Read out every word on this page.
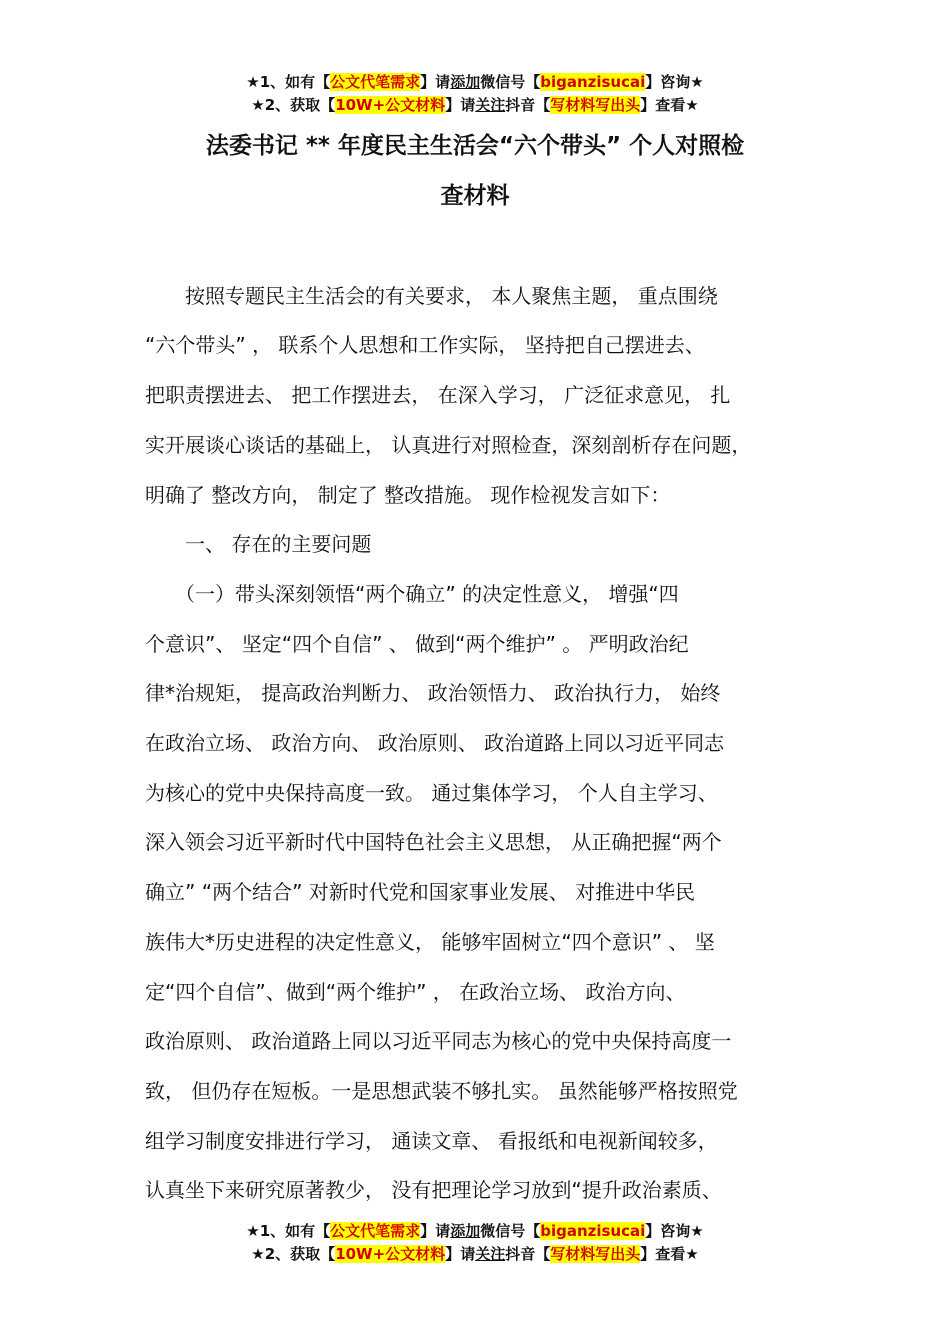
★1、如有【公文代笔需求】请添加微信号【biganzisucai】咨询★
★2、获取【10W+公文材料】请关注抖音【写材料写出头】查看★
法委书记 ** 年度民主生活会“六个带头” 个人对照检
查材料
　　按照专题民主生活会的有关要求， 本人聚焦主题， 重点围绕
“六个带头” ， 联系个人思想和工作实际， 坚持把自己摆进去、
把职责摆进去、 把工作摆进去， 在深入学习， 广泛征求意见， 扎
实开展谈心谈话的基础上， 认真进行对照检查，深刻剖析存在问题，
明确了 整改方向， 制定了 整改措施。 现作检视发言如下：
　　一、 存在的主要问题
　　（一）带头深刻领悟“两个确立” 的决定性意义， 增强“四
个意识”、 坚定“四个自信” 、 做到“两个维护” 。 严明政治纪
律*治规矩， 提高政治判断力、 政治领悟力、 政治执行力， 始终
在政治立场、 政治方向、 政治原则、 政治道路上同以习近平同志
为核心的党中央保持高度一致。 通过集体学习， 个人自主学习、
深入领会习近平新时代中国特色社会主义思想， 从正确把握“两个
确立” “两个结合” 对新时代党和国家事业发展、 对推进中华民
族伟大*历史进程的决定性意义， 能够牢固树立“四个意识” 、 坚
定“四个自信”、做到“两个维护” ， 在政治立场、 政治方向、
政治原则、 政治道路上同以习近平同志为核心的党中央保持高度一
致， 但仍存在短板。一是思想武装不够扎实。 虽然能够严格按照党
组学习制度安排进行学习， 通读文章、 看报纸和电视新闻较多，
认真坐下来研究原著教少， 没有把理论学习放到“提升政治素质、
★1、如有【公文代笔需求】请添加微信号【biganzisucai】咨询★
★2、获取【10W+公文材料】请关注抖音【写材料写出头】查看★
